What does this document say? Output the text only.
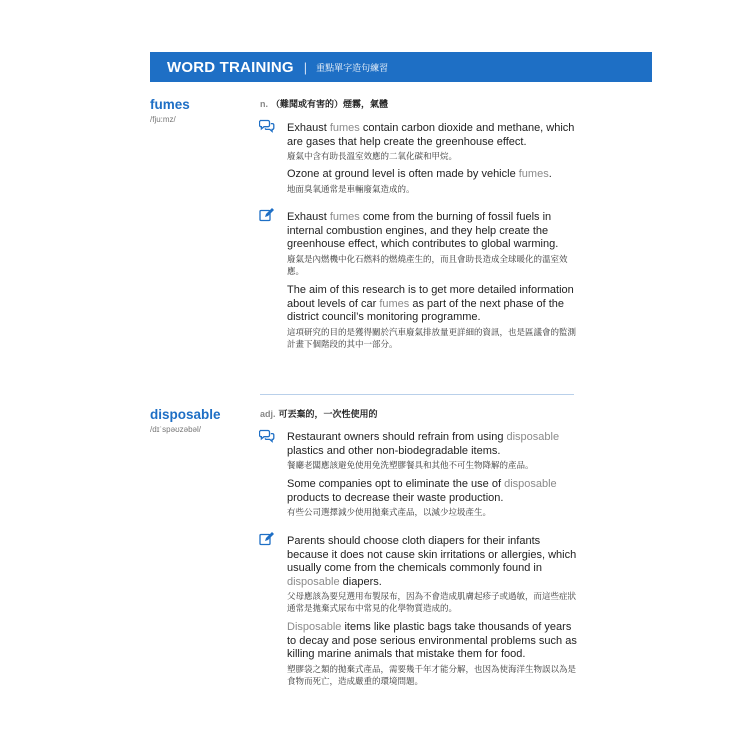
WORD TRAINING | 重點單字造句練習
fumes
/fju:mz/
n. （難聞或有害的）煙霧，氣體
Exhaust fumes contain carbon dioxide and methane, which are gases that help create the greenhouse effect.
廢氣中含有助長溫室效應的二氧化碳和甲烷。
Ozone at ground level is often made by vehicle fumes.
地面臭氧通常是車輛廢氣造成的。
Exhaust fumes come from the burning of fossil fuels in internal combustion engines, and they help create the greenhouse effect, which contributes to global warming.
廢氣是內燃機中化石燃料的燃燒產生的，而且會助長造成全球暖化的溫室效應。
The aim of this research is to get more detailed information about levels of car fumes as part of the next phase of the district council’s monitoring programme.
這項研究的目的是獲得關於汽車廢氣排放量更詳細的資訊，也是區議會的監測計畫下個階段的其中一部分。
disposable
/dɪˈspəʊzəbəl/
adj. 可丟棄的，一次性使用的
Restaurant owners should refrain from using disposable plastics and other non-biodegradable items.
餐廳老闆應該避免使用免洗塑膠餐具和其他不可生物降解的產品。
Some companies opt to eliminate the use of disposable products to decrease their waste production.
有些公司選擇減少使用拋棄式產品，以減少垃圾產生。
Parents should choose cloth diapers for their infants because it does not cause skin irritations or allergies, which usually come from the chemicals commonly found in disposable diapers.
父母應該為要兒選用布製尿布，因為不會造成肌膚起疹子或過敏，而這些症狀通常是拋棄式尿布中常見的化學物質造成的。
Disposable items like plastic bags take thousands of years to decay and pose serious environmental problems such as killing marine animals that mistake them for food.
塑膠袋之類的拋棄式產品，需要幾千年才能分解，也因為使海洋生物誤以為是食物而死亡，造成嚴重的環境問題。
